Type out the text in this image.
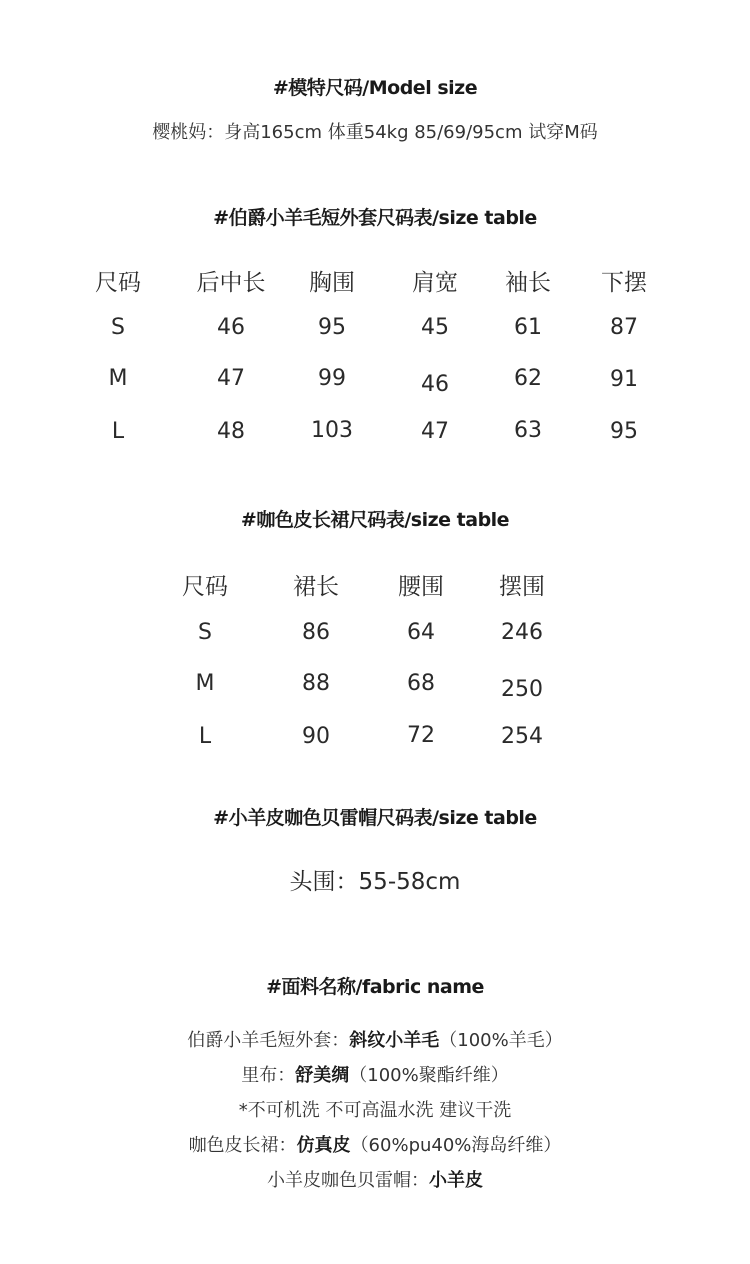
#模特尺码/Model size
樱桃妈：身高165cm 体重54kg 85/69/95cm 试穿M码
#伯爵小羊毛短外套尺码表/size table
尺码	后中长	胸围	肩宽	袖长	下摆
S	46	95	45	61	87
M	47	99	46	62	91
L	48	103	47	63	95
#咖色皮长裙尺码表/size table
尺码	裙长	腰围	摆围
S	86	64	246
M	88	68	250
L	90	72	254
#小羊皮咖色贝雷帽尺码表/size table
头围：55-58cm
#面料名称/fabric name
伯爵小羊毛短外套：斜纹小羊毛（100%羊毛）
里布：舒美绸（100%聚酯纤维）
*不可机洗 不可高温水洗 建议干洗
咖色皮长裙：仿真皮（60%pu40%海岛纤维）
小羊皮咖色贝雷帽：小羊皮
